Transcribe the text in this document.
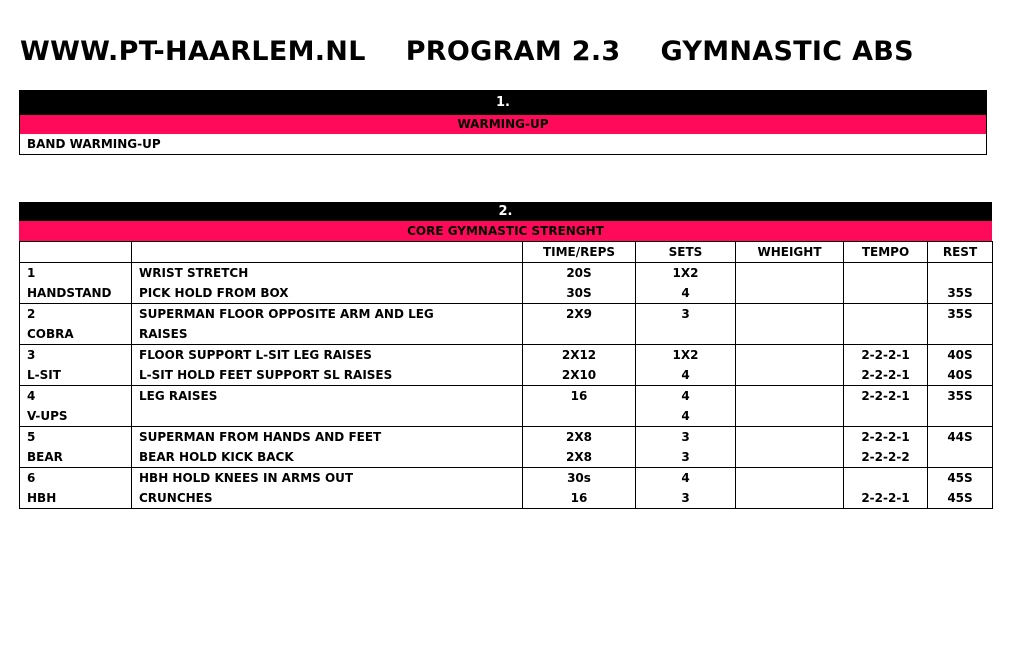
WWW.PT-HAARLEM.NL PROGRAM 2.3 GYMNASTIC ABS
1.
WARMING-UP
BAND WARMING-UP
2.
CORE GYMNASTIC STRENGHT
		TIME/REPS	SETS	WHEIGHT	TEMPO	REST
1	WRIST STRETCH	20S	1X2			
HANDSTAND	PICK HOLD FROM BOX	30S	4			35S
2	SUPERMAN FLOOR OPPOSITE ARM AND LEG	2X9	3			35S
COBRA	RAISES					
3	FLOOR SUPPORT L-SIT LEG RAISES	2X12	1X2		2-2-2-1	40S
L-SIT	L-SIT HOLD FEET SUPPORT SL RAISES	2X10	4		2-2-2-1	40S
4	LEG RAISES	16	4		2-2-2-1	35S
V-UPS			4			
5	SUPERMAN FROM HANDS AND FEET	2X8	3		2-2-2-1	44S
BEAR	BEAR HOLD KICK BACK	2X8	3		2-2-2-2	
6	HBH HOLD KNEES IN ARMS OUT	30s	4			45S
HBH	CRUNCHES	16	3		2-2-2-1	45S
